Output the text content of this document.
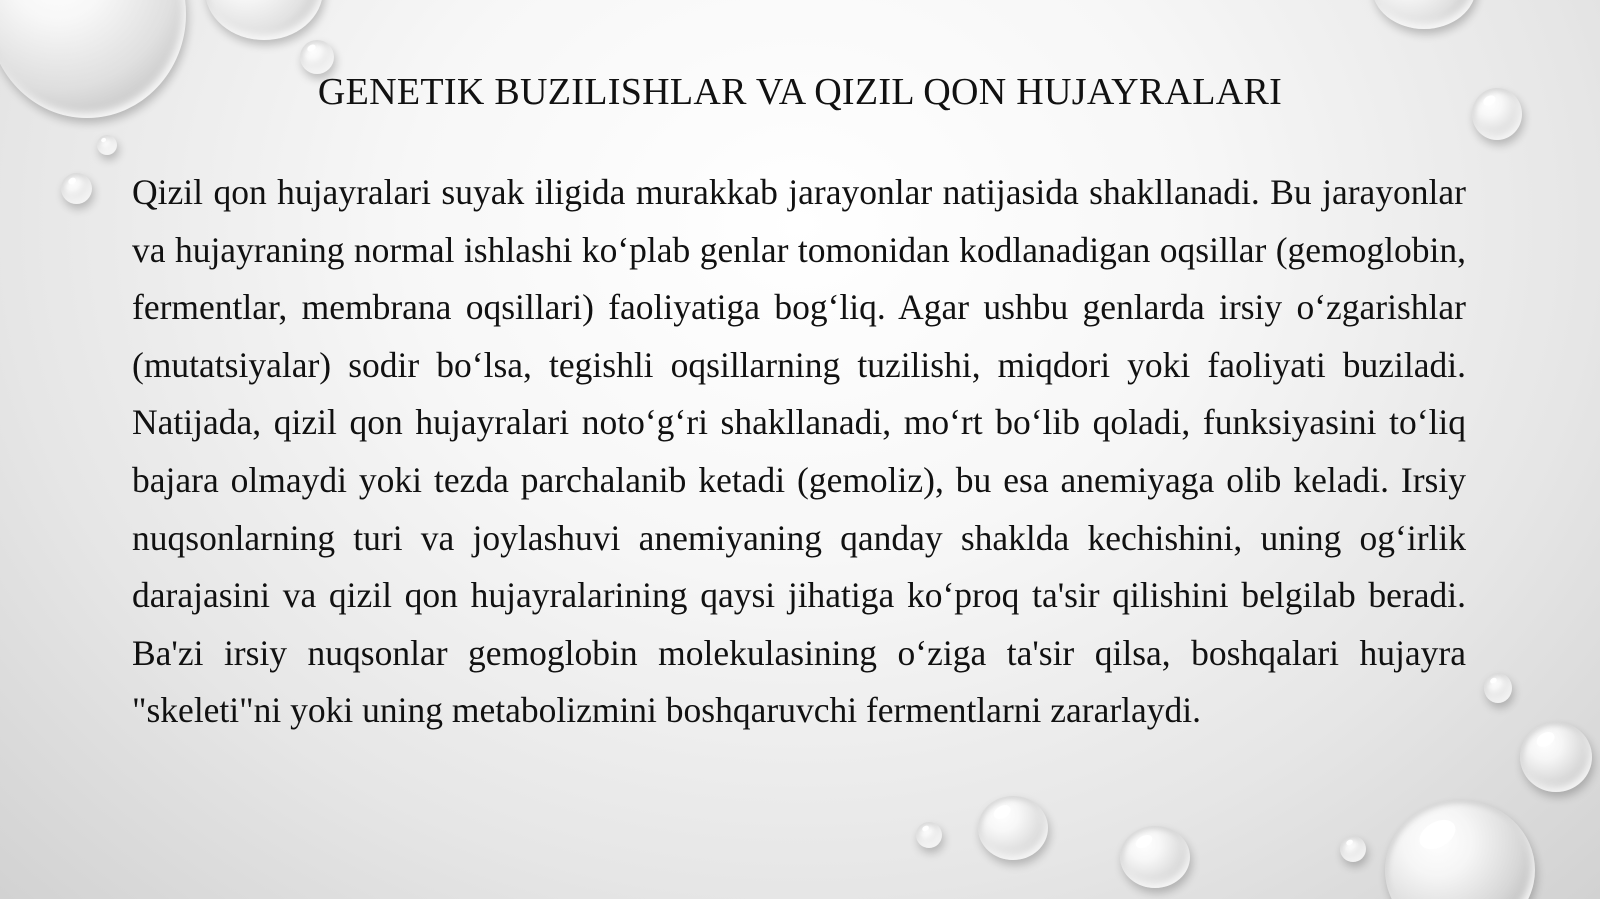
GENETIK BUZILISHLAR VA QIZIL QON HUJAYRALARI

Qizil qon hujayralari suyak iligida murakkab jarayonlar natijasida shakllanadi. Bu jarayonlar va hujayraning normal ishlashi ko‘plab genlar tomonidan kodlanadigan oqsillar (gemoglobin, fermentlar, membrana oqsillari) faoliyatiga bog‘liq. Agar ushbu genlarda irsiy o‘zgarishlar (mutatsiyalar) sodir bo‘lsa, tegishli oqsillarning tuzilishi, miqdori yoki faoliyati buziladi. Natijada, qizil qon hujayralari noto‘g‘ri shakllanadi, mo‘rt bo‘lib qoladi, funksiyasini to‘liq bajara olmaydi yoki tezda parchalanib ketadi (gemoliz), bu esa anemiyaga olib keladi. Irsiy nuqsonlarning turi va joylashuvi anemiyaning qanday shaklda kechishini, uning og‘irlik darajasini va qizil qon hujayralarining qaysi jihatiga ko‘proq ta'sir qilishini belgilab beradi. Ba'zi irsiy nuqsonlar gemoglobin molekulasining o‘ziga ta'sir qilsa, boshqalari hujayra "skeleti"ni yoki uning metabolizmini boshqaruvchi fermentlarni zararlaydi.
